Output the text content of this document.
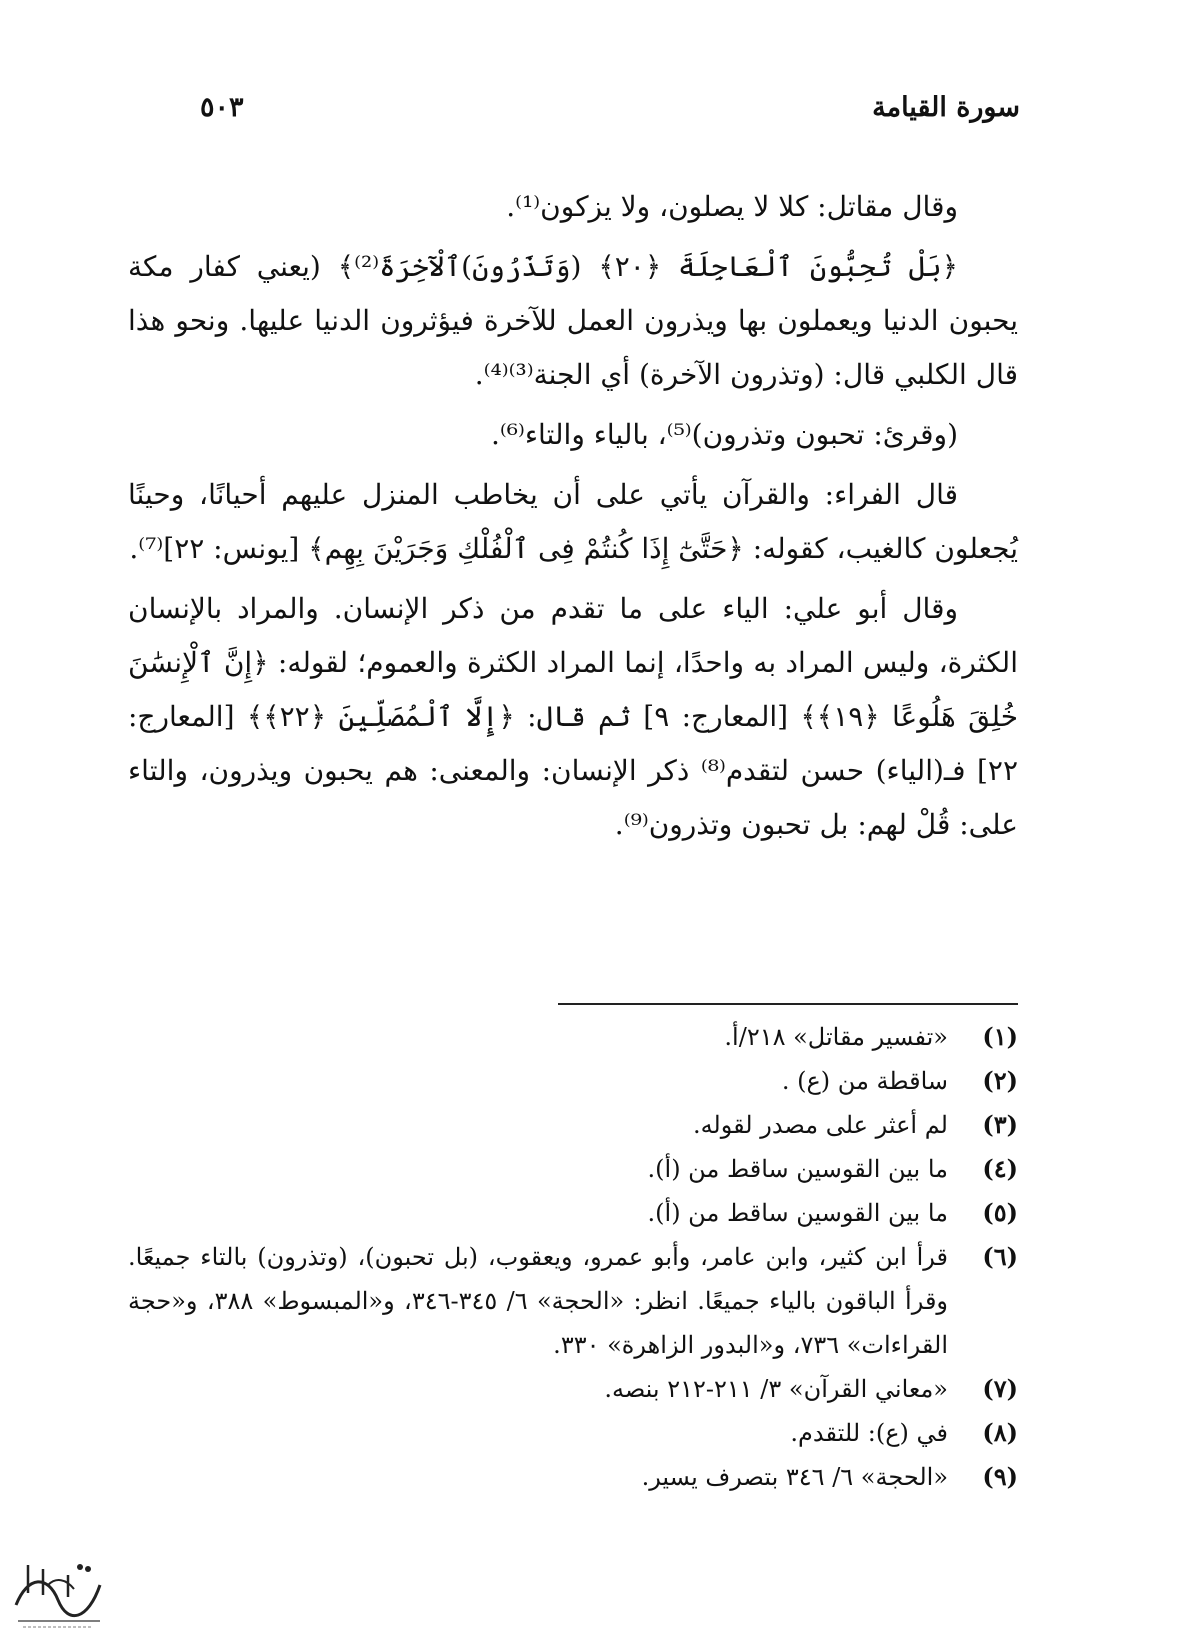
سورة القيامة
٥٠٣

وقال مقاتل: كلا لا يصلون، ولا يزكون⁽¹⁾.

﴿بَلْ تُحِبُّونَ ٱلْعَاجِلَةَ ﴿٢٠﴾ (وَتَذَرُونَ)ٱلْآخِرَةَ⁽²⁾﴾ (يعني كفار مكة يحبون الدنيا ويعملون بها ويذرون العمل للآخرة فيؤثرون الدنيا عليها. ونحو هذا قال الكلبي قال: (وتذرون الآخرة) أي الجنة⁽³⁾⁽⁴⁾.

(وقرئ: تحبون وتذرون)⁽⁵⁾، بالياء والتاء⁽⁶⁾.

قال الفراء: والقرآن يأتي على أن يخاطب المنزل عليهم أحيانًا، وحينًا يُجعلون كالغيب، كقوله: ﴿حَتَّىٰٓ إِذَا كُنتُمْ فِى ٱلْفُلْكِ وَجَرَيْنَ بِهِم﴾ [يونس: ٢٢]⁽⁷⁾.

وقال أبو علي: الياء على ما تقدم من ذكر الإنسان. والمراد بالإنسان الكثرة، وليس المراد به واحدًا، إنما المراد الكثرة والعموم؛ لقوله: ﴿إِنَّ ٱلْإِنسَٰنَ خُلِقَ هَلُوعًا ﴿١٩﴾﴾ [المعارج: ٩] ثم قال: ﴿إِلَّا ٱلْمُصَلِّينَ ﴿٢٢﴾﴾ [المعارج: ٢٢] فـ(الياء) حسن لتقدم⁽⁸⁾ ذكر الإنسان: والمعنى: هم يحبون ويذرون، والتاء على: قُلْ لهم: بل تحبون وتذرون⁽⁹⁾.

(١)
«تفسير مقاتل» ٢١٨/أ.
(٢)
ساقطة من (ع) .
(٣)
لم أعثر على مصدر لقوله.
(٤)
ما بين القوسين ساقط من (أ).
(٥)
ما بين القوسين ساقط من (أ).
(٦)
قرأ ابن كثير، وابن عامر، وأبو عمرو، ويعقوب، (بل تحبون)، (وتذرون) بالتاء جميعًا. وقرأ الباقون بالياء جميعًا. انظر: «الحجة» ٦/ ٣٤٥-٣٤٦، و«المبسوط» ٣٨٨، و«حجة القراءات» ٧٣٦، و«البدور الزاهرة» ٣٣٠.
(٧)
«معاني القرآن» ٣/ ٢١١-٢١٢ بنصه.
(٨)
في (ع): للتقدم.
(٩)
«الحجة» ٦/ ٣٤٦ بتصرف يسير.
